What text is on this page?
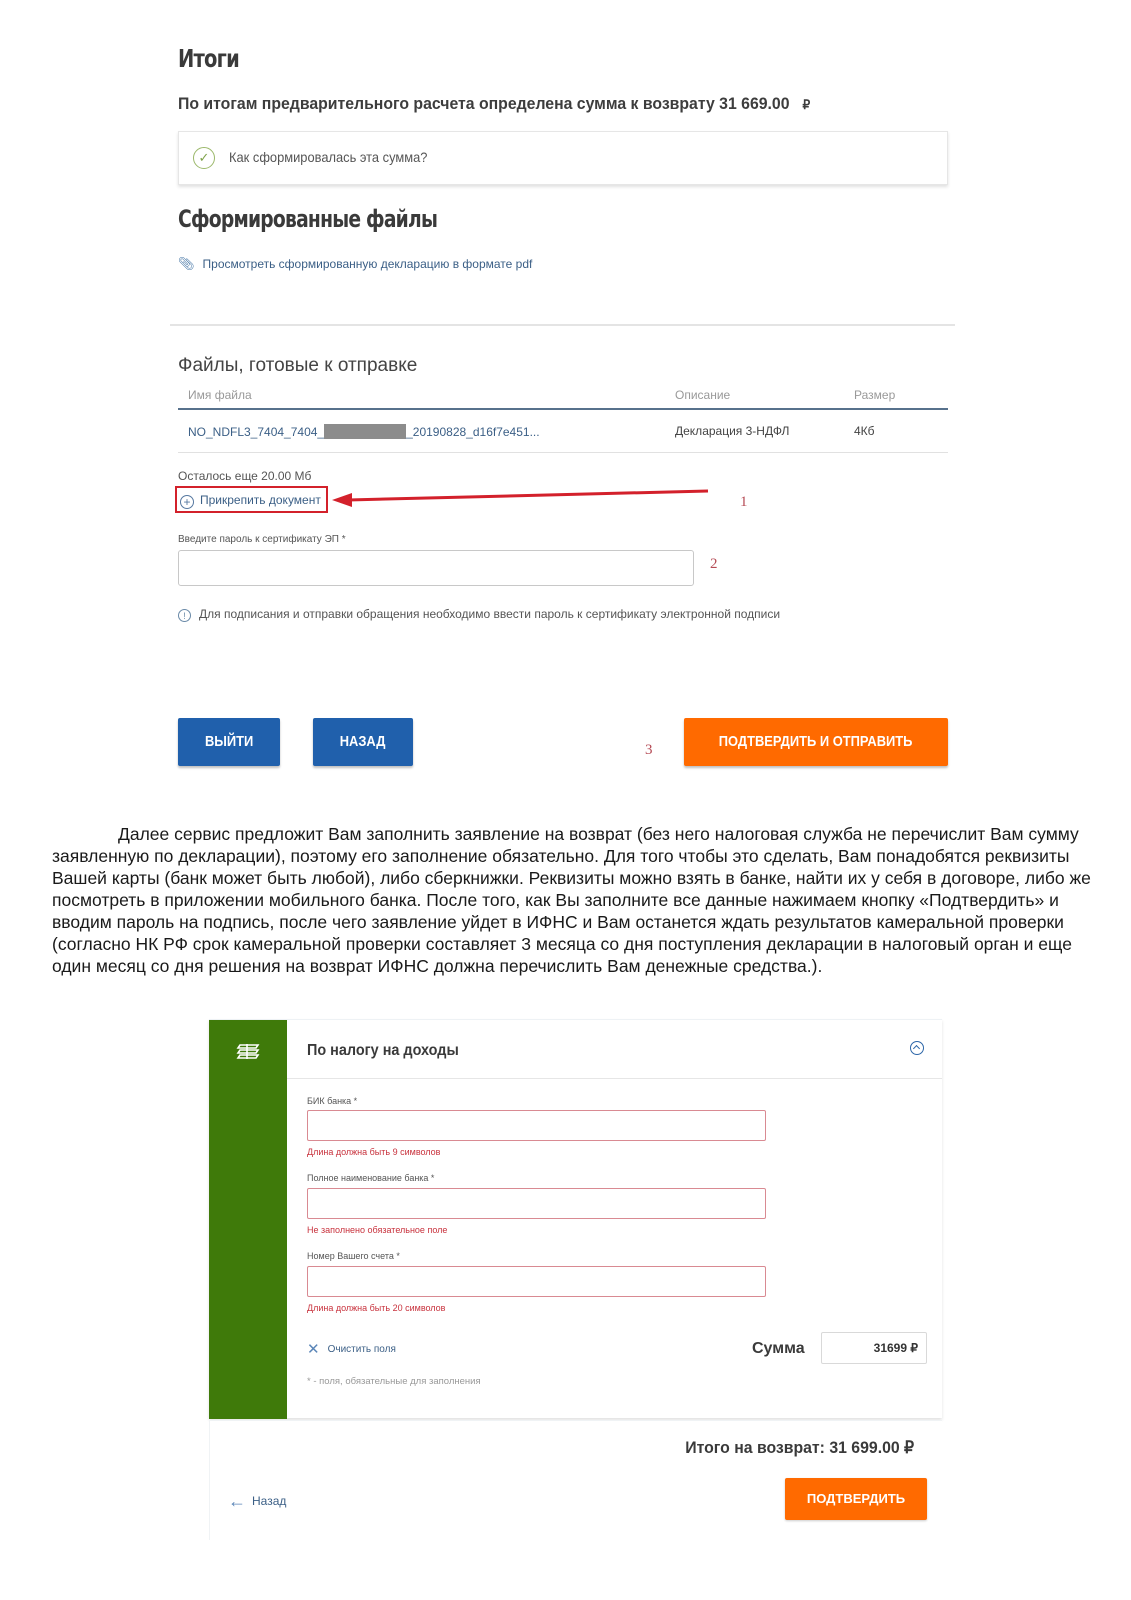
Итоги
По итогам предварительного расчета определена сумма к возврату 31 669.00 ₽
✓	Как сформировалась эта сумма?
Сформированные файлы
📎︎ Просмотреть сформированную декларацию в формате pdf
Файлы, готовые к отправке
Имя файла	Описание	Размер
NO_NDFL3_7404_7404_	_20190828_d16f7e451...	Декларация 3-НДФЛ	4Кб
Осталось еще 20.00 Мб
+ Прикрепить документ	1
Введите пароль к сертификату ЭП *
2
! Для подписания и отправки обращения необходимо ввести пароль к сертификату электронной подписи
ВЫЙТИ	НАЗАД	3	ПОДТВЕРДИТЬ И ОТПРАВИТЬ

Далее сервис предложит Вам заполнить заявление на возврат (без него налоговая служба не перечислит Вам сумму заявленную по декларации), поэтому его заполнение обязательно. Для того чтобы это сделать, Вам понадобятся реквизиты Вашей карты (банк может быть любой), либо сберкнижки. Реквизиты можно взять в банке, найти их у себя в договоре, либо же посмотреть в приложении мобильного банка. После того, как Вы заполните все данные нажимаем кнопку «Подтвердить» и вводим пароль на подпись, после чего заявление уйдет в ИФНС и Вам останется ждать результатов камеральной проверки (согласно НК РФ срок камеральной проверки составляет 3 месяца со дня поступления декларации в налоговый орган и еще один месяц со дня решения на возврат ИФНС должна перечислить Вам денежные средства.).

По налогу на доходы
БИК банка *
Длина должна быть 9 символов
Полное наименование банка *
Не заполнено обязательное поле
Номер Вашего счета *
Длина должна быть 20 символов
✕ Очистить поля	Сумма	31699 ₽
* - поля, обязательные для заполнения
Итого на возврат: 31 699.00 ₽
← Назад	ПОДТВЕРДИТЬ
